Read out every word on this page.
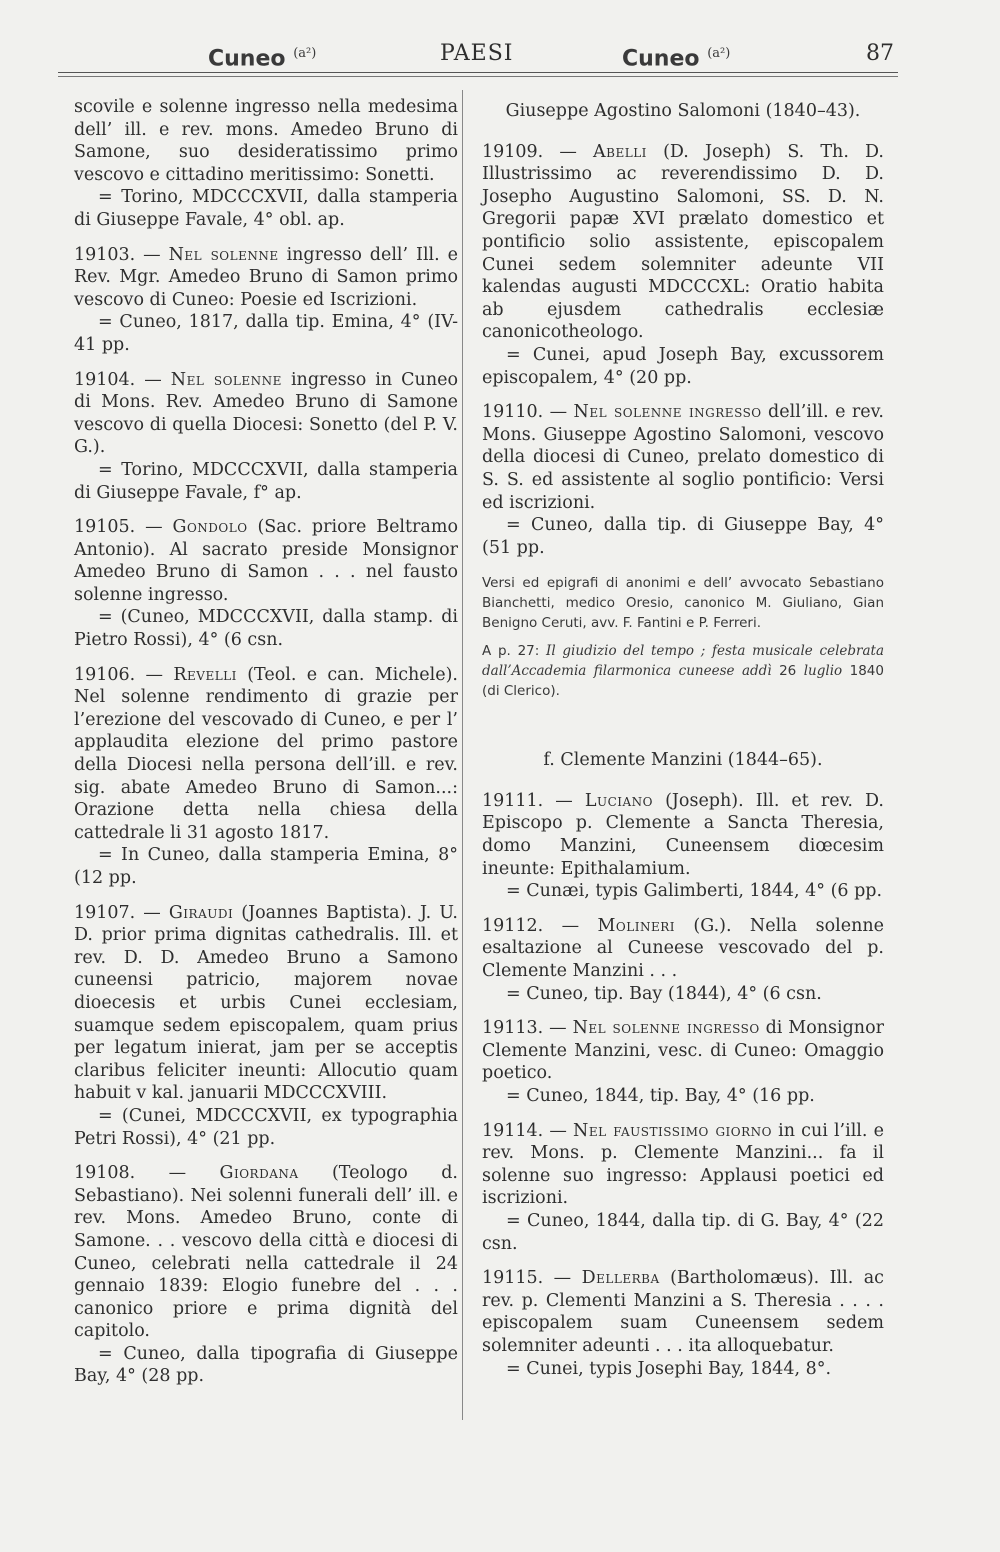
Cuneo $^{(a^2)}$	PAESI	Cuneo $^{(a^2)}$	87

scovile e solenne ingresso nella medesima dell’ ill. e rev. mons. Amedeo Bruno di Samone, suo desideratissimo primo vescovo e cittadino meritissimo: Sonetti.
= Torino, MDCCCXVII, dalla stamperia di Giuseppe Favale, 4° obl. ap.

19103. — Nel solenne ingresso dell’ Ill. e Rev. Mgr. Amedeo Bruno di Samon primo vescovo di Cuneo: Poesie ed Iscrizioni.
= Cuneo, 1817, dalla tip. Emina, 4° (IV-41 pp.

19104. — Nel solenne ingresso in Cuneo di Mons. Rev. Amedeo Bruno di Samone vescovo di quella Diocesi: Sonetto (del P. V. G.).
= Torino, MDCCCXVII, dalla stamperia di Giuseppe Favale, f° ap.

19105. — Gondolo (Sac. priore Beltramo Antonio). Al sacrato preside Monsignor Amedeo Bruno di Samon . . . nel fausto solenne ingresso.
= (Cuneo, MDCCCXVII, dalla stamp. di Pietro Rossi), 4° (6 csn.

19106. — Revelli (Teol. e can. Michele). Nel solenne rendimento di grazie per l’erezione del vescovado di Cuneo, e per l’ applaudita elezione del primo pastore della Diocesi nella persona dell’ill. e rev. sig. abate Amedeo Bruno di Samon...: Orazione detta nella chiesa della cattedrale li 31 agosto 1817.
= In Cuneo, dalla stamperia Emina, 8° (12 pp.

19107. — Giraudi (Joannes Baptista). J. U. D. prior prima dignitas cathedralis. Ill. et rev. D. D. Amedeo Bruno a Samono cuneensi patricio, majorem novae dioecesis et urbis Cunei ecclesiam, suamque sedem episcopalem, quam prius per legatum inierat, jam per se acceptis claribus feliciter ineunti: Allocutio quam habuit v kal. januarii MDCCCXVIII.
= (Cunei, MDCCCXVII, ex typographia Petri Rossi), 4° (21 pp.

19108. — Giordana (Teologo d. Sebastiano). Nei solenni funerali dell’ ill. e rev. Mons. Amedeo Bruno, conte di Samone. . . vescovo della città e diocesi di Cuneo, celebrati nella cattedrale il 24 gennaio 1839: Elogio funebre del . . . canonico priore e prima dignità del capitolo.
= Cuneo, dalla tipografia di Giuseppe Bay, 4° (28 pp.

Giuseppe Agostino Salomoni (1840–43).

19109. — Abelli (D. Joseph) S. Th. D. Illustrissimo ac reverendissimo D. D. Josepho Augustino Salomoni, SS. D. N. Gregorii papæ XVI prælato domestico et pontificio solio assistente, episcopalem Cunei sedem solemniter adeunte VII kalendas augusti MDCCCXL: Oratio habita ab ejusdem cathedralis ecclesiæ canonicotheologo.
= Cunei, apud Joseph Bay, excussorem episcopalem, 4° (20 pp.

19110. — Nel solenne ingresso dell’ill. e rev. Mons. Giuseppe Agostino Salomoni, vescovo della diocesi di Cuneo, prelato domestico di S. S. ed assistente al soglio pontificio: Versi ed iscrizioni.
= Cuneo, dalla tip. di Giuseppe Bay, 4° (51 pp.

Versi ed epigrafi di anonimi e dell’ avvocato Sebastiano Bianchetti, medico Oresio, canonico M. Giuliano, Gian Benigno Ceruti, avv. F. Fantini e P. Ferreri.

A p. 27: Il giudizio del tempo ; festa musicale celebrata dall’Accademia filarmonica cuneese addì 26 luglio 1840 (di Clerico).

f. Clemente Manzini (1844–65).

19111. — Luciano (Joseph). Ill. et rev. D. Episcopo p. Clemente a Sancta Theresia, domo Manzini, Cuneensem diœcesim ineunte: Epithalamium.
= Cunæi, typis Galimberti, 1844, 4° (6 pp.

19112. — Molineri (G.). Nella solenne esaltazione al Cuneese vescovado del p. Clemente Manzini . . .
= Cuneo, tip. Bay (1844), 4° (6 csn.

19113. — Nel solenne ingresso di Monsignor Clemente Manzini, vesc. di Cuneo: Omaggio poetico.
= Cuneo, 1844, tip. Bay, 4° (16 pp.

19114. — Nel faustissimo giorno in cui l’ill. e rev. Mons. p. Clemente Manzini... fa il solenne suo ingresso: Applausi poetici ed iscrizioni.
= Cuneo, 1844, dalla tip. di G. Bay, 4° (22 csn.

19115. — Dellerba (Bartholomæus). Ill. ac rev. p. Clementi Manzini a S. Theresia . . . . episcopalem suam Cuneensem sedem solemniter adeunti . . . ita alloquebatur.
= Cunei, typis Josephi Bay, 1844, 8°.
